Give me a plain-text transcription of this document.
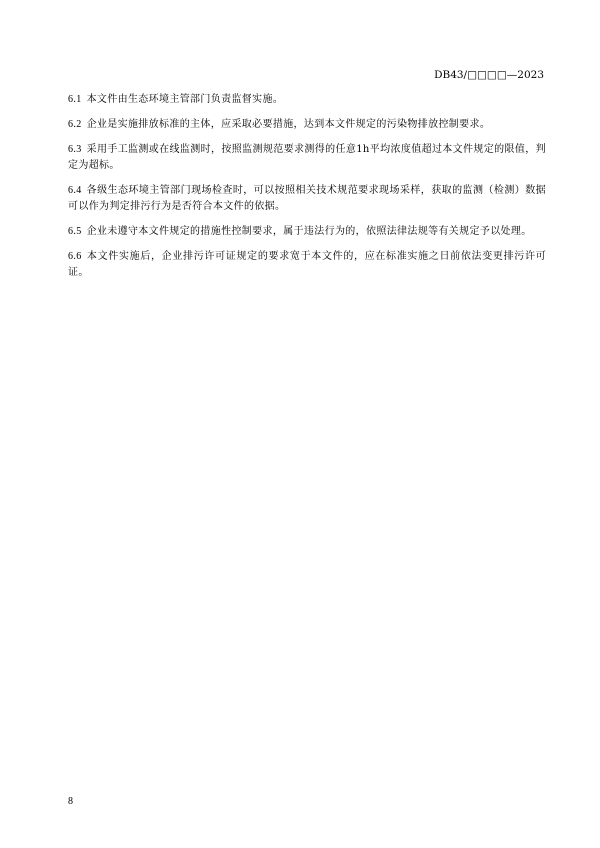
DB43/□□□□—2023

6.1 本文件由生态环境主管部门负责监督实施。

6.2 企业是实施排放标准的主体，应采取必要措施，达到本文件规定的污染物排放控制要求。

6.3 采用手工监测或在线监测时，按照监测规范要求测得的任意1h平均浓度值超过本文件规定的限值，判定为超标。

6.4 各级生态环境主管部门现场检查时，可以按照相关技术规范要求现场采样，获取的监测（检测）数据可以作为判定排污行为是否符合本文件的依据。

6.5 企业未遵守本文件规定的措施性控制要求，属于违法行为的，依照法律法规等有关规定予以处理。

6.6 本文件实施后，企业排污许可证规定的要求宽于本文件的，应在标准实施之日前依法变更排污许可证。

8
